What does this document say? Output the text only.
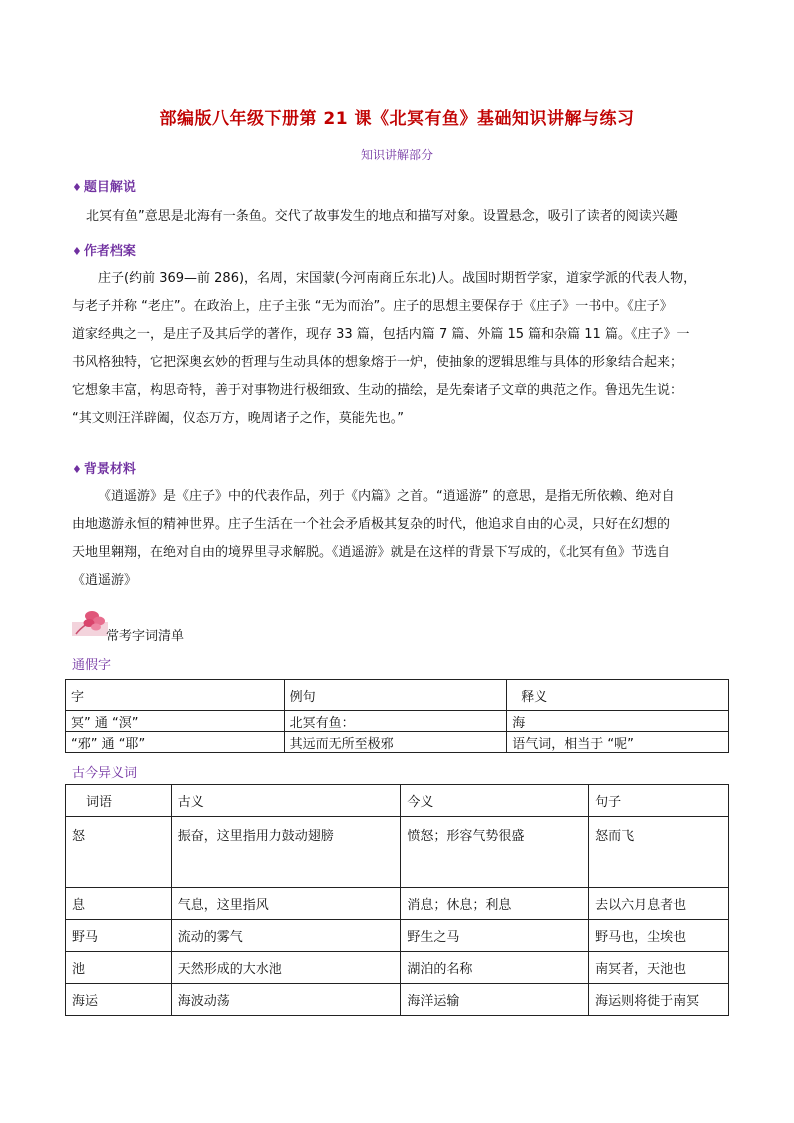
部编版八年级下册第 21 课《北冥有鱼》基础知识讲解与练习
知识讲解部分
♦ 题目解说

北冥有鱼”意思是北海有一条鱼。交代了故事发生的地点和描写对象。设置悬念，吸引了读者的阅读兴趣

♦ 作者档案

庄子(约前 369—前 286)，名周，宋国蒙(今河南商丘东北)人。战国时期哲学家，道家学派的代表人物，

与老子并称 “老庄”。在政治上，庄子主张 “无为而治”。庄子的思想主要保存于《庄子》一书中。《庄子》

道家经典之一，是庄子及其后学的著作，现存 33 篇，包括内篇 7 篇、外篇 15 篇和杂篇 11 篇。《庄子》一

书风格独特，它把深奥玄妙的哲理与生动具体的想象熔于一炉，使抽象的逻辑思维与具体的形象结合起来；

它想象丰富，构思奇特，善于对事物进行极细致、生动的描绘，是先秦诸子文章的典范之作。鲁迅先生说：

“其文则汪洋辟阖，仪态万方，晚周诸子之作，莫能先也。”

♦ 背景材料

《逍遥游》是《庄子》中的代表作品，列于《内篇》之首。“逍遥游” 的意思，是指无所依赖、绝对自

由地遨游永恒的精神世界。庄子生活在一个社会矛盾极其复杂的时代，他追求自由的心灵，只好在幻想的

天地里翱翔，在绝对自由的境界里寻求解脱。《逍遥游》就是在这样的背景下写成的，《北冥有鱼》节选自

《逍遥游》

常考字词清单
通假字
字	例句	释义
冥” 通 “溟”	北冥有鱼：	海
“邪” 通 “耶”	其远而无所至极邪	语气词，相当于 “呢”
古今异义词
词语	古义	今义	句子
怒	振奋，这里指用力鼓动翅膀	愤怒；形容气势很盛	怒而飞
息	气息，这里指风	消息；休息；利息	去以六月息者也
野马	流动的雾气	野生之马	野马也，尘埃也
池	天然形成的大水池	湖泊的名称	南冥者，天池也
海运	海波动荡	海洋运输	海运则将徙于南冥
